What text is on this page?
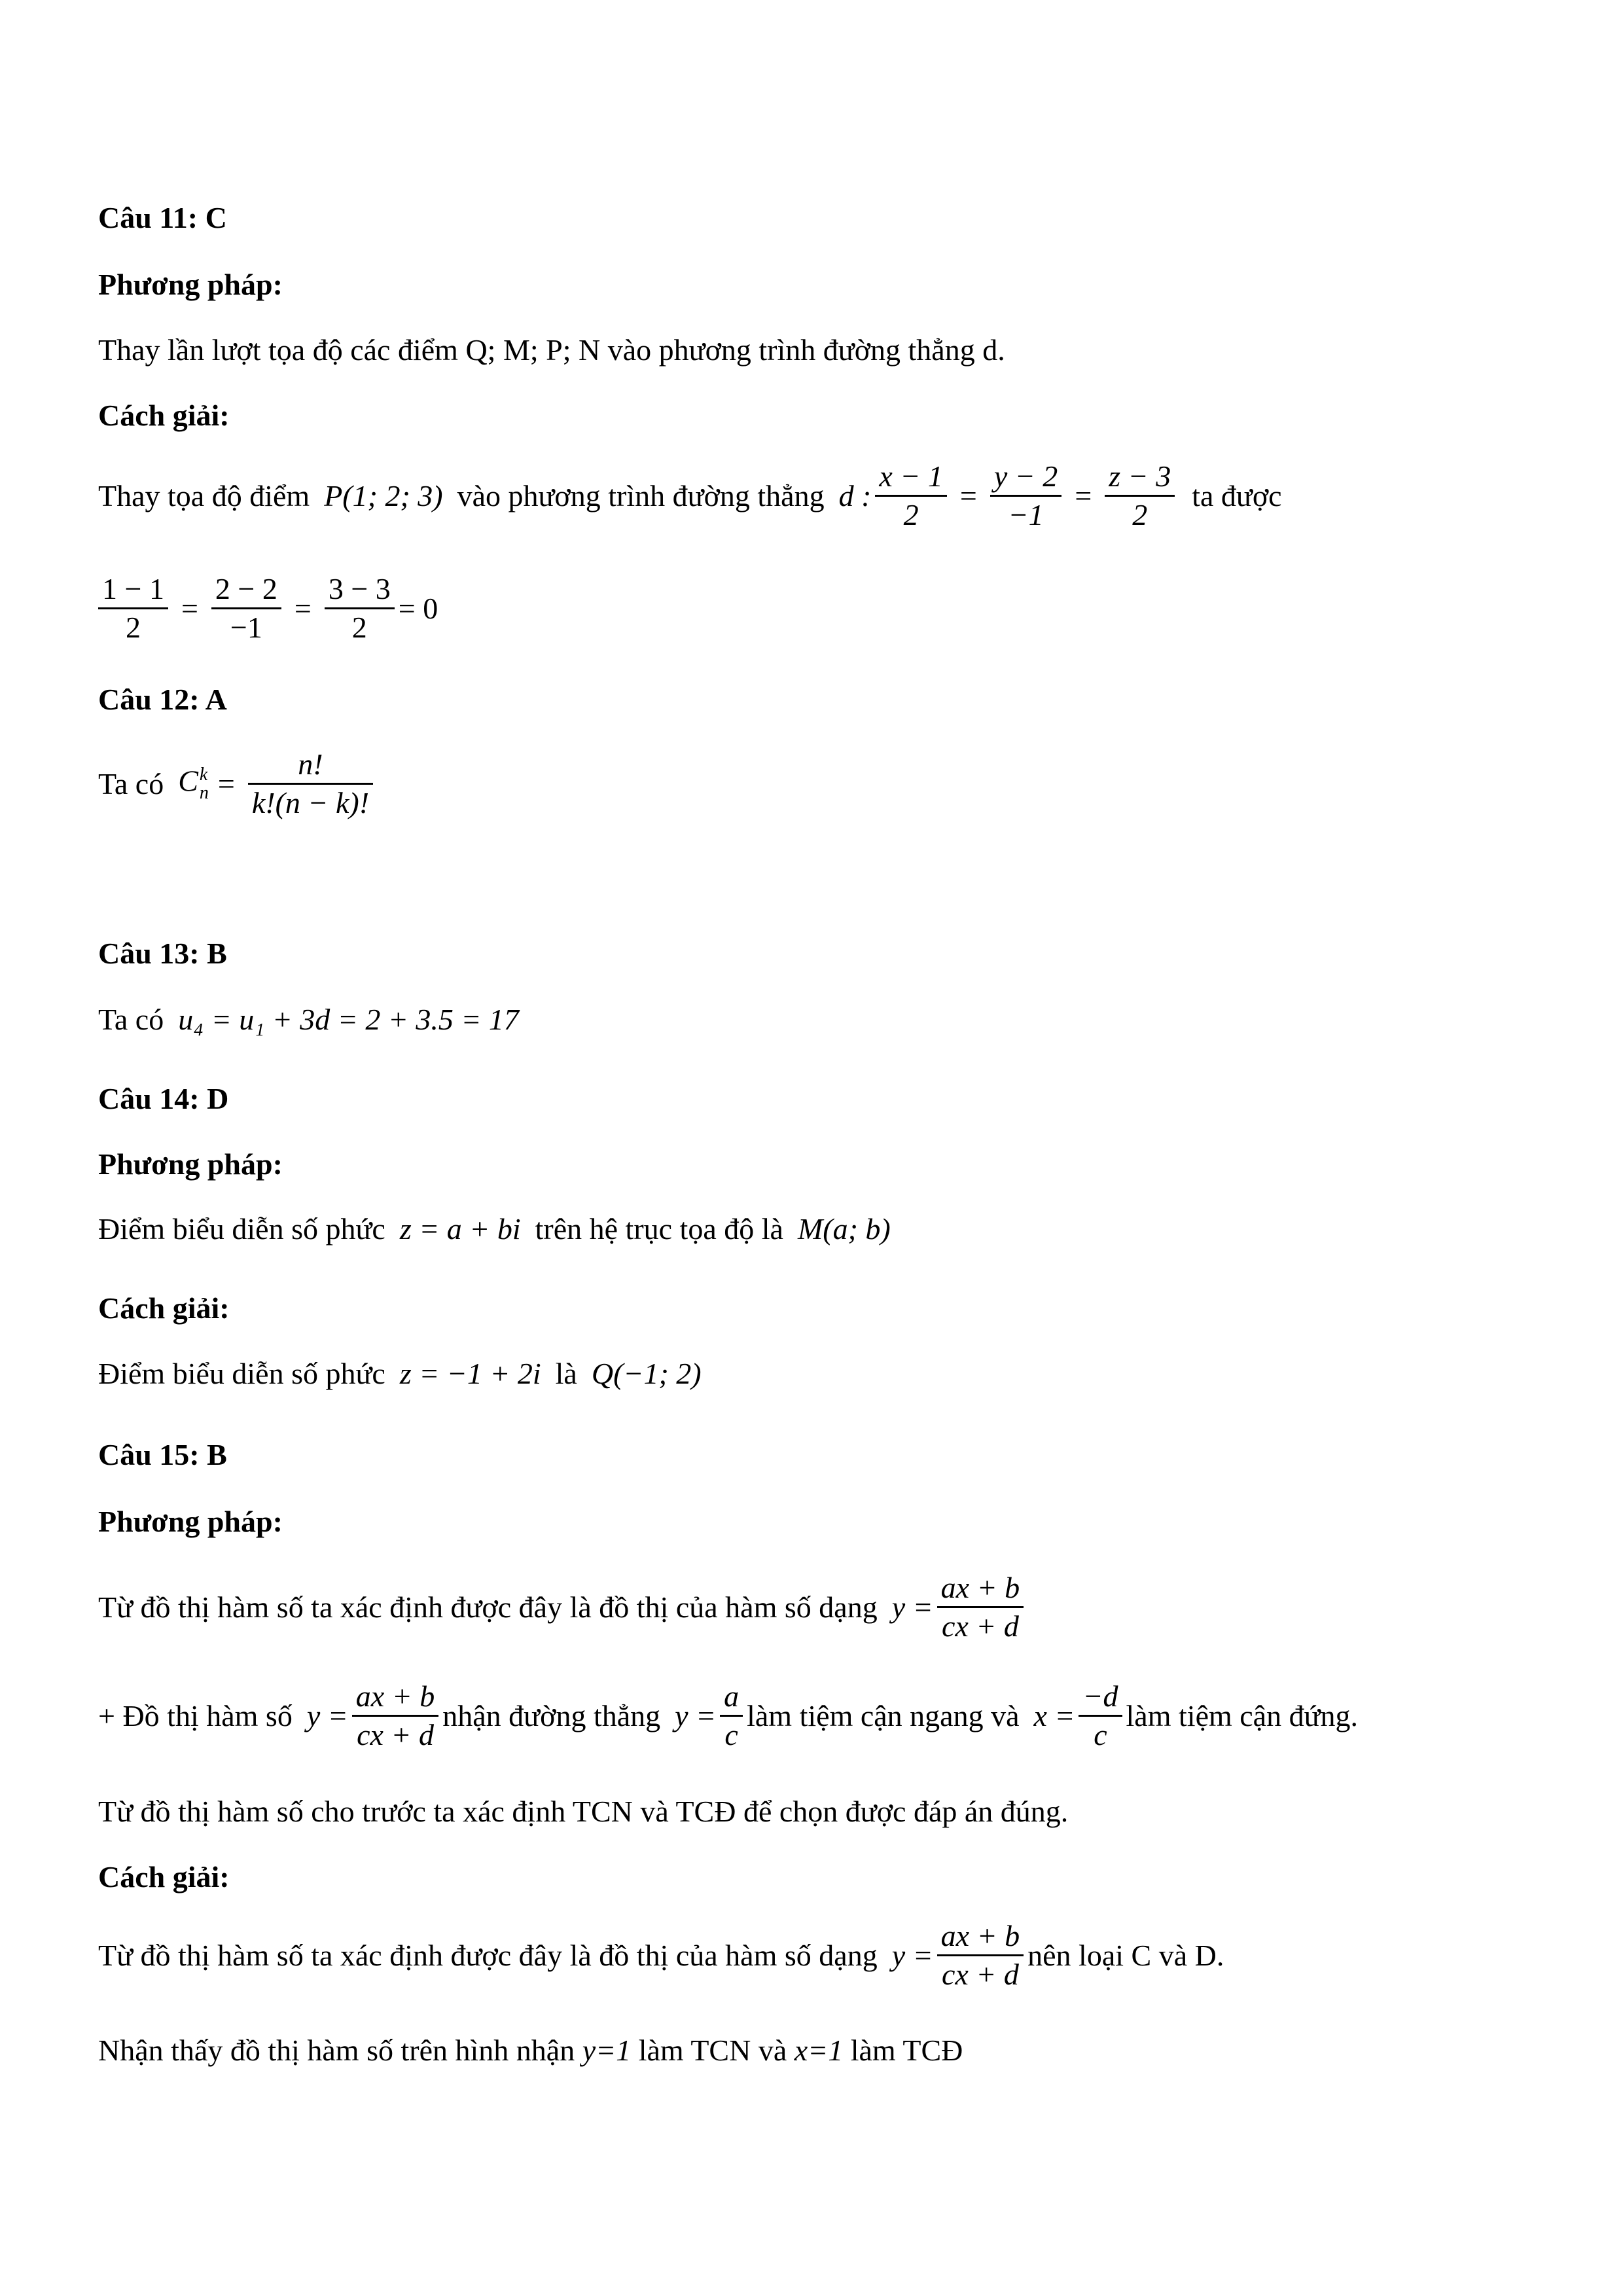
Câu 11: C
Phương pháp:
Thay lần lượt tọa độ các điểm Q; M; P; N vào phương trình đường thẳng d.
Cách giải:
Thay tọa độ điểm P(1; 2; 3) vào phương trình đường thẳng d : $\frac{x - 1}{2} = \frac{y - 2}{-1} = \frac{z - 3}{2}$ ta được
$\frac{1 - 1}{2} = \frac{2 - 2}{-1} = \frac{3 - 3}{2} = 0$
Câu 12: A
Ta có C k
$n = \frac{n!}{k!(n - k)!}$
Câu 13: B
Ta có u₄ = u₁ + 3d = 2 + 3.5 = 17
Câu 14: D
Phương pháp:
Điểm biểu diễn số phức z = a + bi trên hệ trục tọa độ là M(a; b)
Cách giải:
Điểm biểu diễn số phức z = −1 + 2i là Q(−1; 2)
Câu 15: B
Phương pháp:
Từ đồ thị hàm số ta xác định được đây là đồ thị của hàm số dạng $y = \frac{ax + b}{cx + d}$
+ Đồ thị hàm số $y = \frac{ax + b}{cx + d}$ nhận đường thẳng $y = \frac{a}{c}$ làm tiệm cận ngang và $x = \frac{-d}{c}$ làm tiệm cận đứng.
Từ đồ thị hàm số cho trước ta xác định TCN và TCĐ để chọn được đáp án đúng.
Cách giải:
Từ đồ thị hàm số ta xác định được đây là đồ thị của hàm số dạng $y = \frac{ax + b}{cx + d}$ nên loại C và D.
Nhận thấy đồ thị hàm số trên hình nhận y=1 làm TCN và x=1 làm TCĐ
